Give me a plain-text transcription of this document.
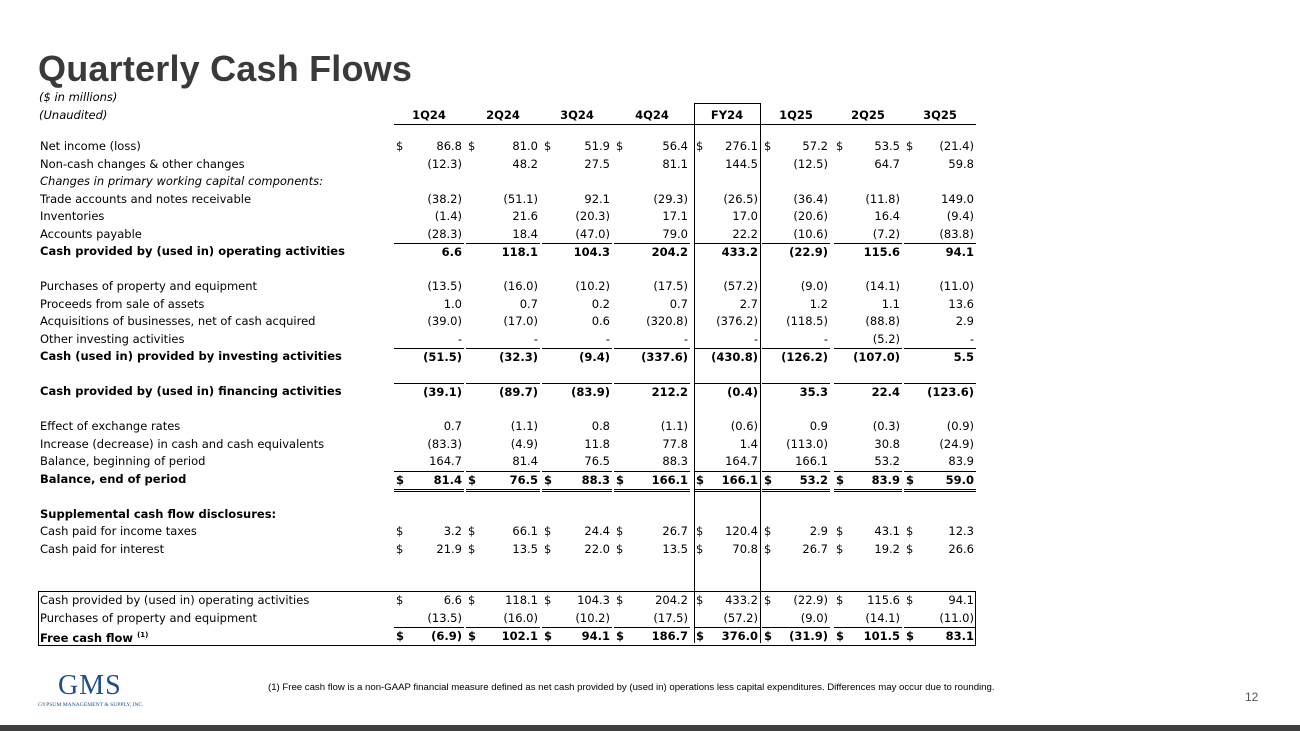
Quarterly Cash Flows
($ in millions)
(Unaudited)	1Q24	2Q24	3Q24	4Q24	FY24	1Q25	2Q25	3Q25
Net income (loss)	$	86.8 $	81.0 $	51.9 $	56.4 $ 276.1 $	57.2 $	53.5 $ (21.4)
Non-cash changes & other changes	(12.3)	48.2	27.5	81.1	144.5	(12.5)	64.7	59.8
Changes in primary working capital components:
Trade accounts and notes receivable	(38.2)	(51.1)	92.1	(29.3)	(26.5)	(36.4)	(11.8)	149.0
Inventories	(1.4)	21.6	(20.3)	17.1	17.0	(20.6)	16.4	(9.4)
Accounts payable	(28.3)	18.4	(47.0)	79.0	22.2	(10.6)	(7.2)	(83.8)
Cash provided by (used in) operating activities	6.6	118.1	104.3	204.2	433.2	(22.9)	115.6	94.1
Purchases of property and equipment	(13.5)	(16.0)	(10.2)	(17.5)	(57.2)	(9.0)	(14.1)	(11.0)
Proceeds from sale of assets	1.0	0.7	0.2	0.7	2.7	1.2	1.1	13.6
Acquisitions of businesses, net of cash acquired	(39.0)	(17.0)	0.6	(320.8) (376.2) (118.5)	(88.8)	2.9
Other investing activities	-	-	-	-	-	-	(5.2)	-
Cash (used in) provided by investing activities	(51.5)	(32.3)	(9.4)	(337.6) (430.8) (126.2) (107.0)	5.5
Cash provided by (used in) financing activities	(39.1)	(89.7)	(83.9)	212.2	(0.4)	35.3	22.4 (123.6)
Effect of exchange rates	0.7	(1.1)	0.8	(1.1)	(0.6)	0.9	(0.3)	(0.9)
Increase (decrease) in cash and cash equivalents	(83.3)	(4.9)	11.8	77.8	1.4 (113.0)	30.8	(24.9)
Balance, beginning of period	164.7	81.4	76.5	88.3	164.7	166.1	53.2	83.9
Balance, end of period	$	81.4 $	76.5 $	88.3 $ 166.1 $ 166.1 $ 53.2 $ 83.9 $	59.0
Supplemental cash flow disclosures:
Cash paid for income taxes	$	3.2 $	66.1 $	24.4 $	26.7 $ 120.4 $	2.9 $	43.1 $	12.3
Cash paid for interest	$	21.9 $	13.5 $	22.0 $	13.5 $	70.8 $	26.7 $	19.2 $	26.6
Cash provided by (used in) operating activities	$	6.6 $	118.1 $ 104.3 $	204.2 $ 433.2 $ (22.9) $ 115.6 $	94.1
Purchases of property and equipment	(13.5)	(16.0)	(10.2)	(17.5)	(57.2)	(9.0)	(14.1)	(11.0)
Free cash flow $^{(1)}$	$ (6.9) $ 102.1 $	94.1 $ 186.7 $ 376.0 $ (31.9) $ 101.5 $	83.1
GMS
GYPSUM MANAGEMENT & SUPPLY, INC.
(1) Free cash flow is a non-GAAP financial measure defined as net cash provided by (used in) operations less capital expenditures. Differences may occur due to rounding.
12
